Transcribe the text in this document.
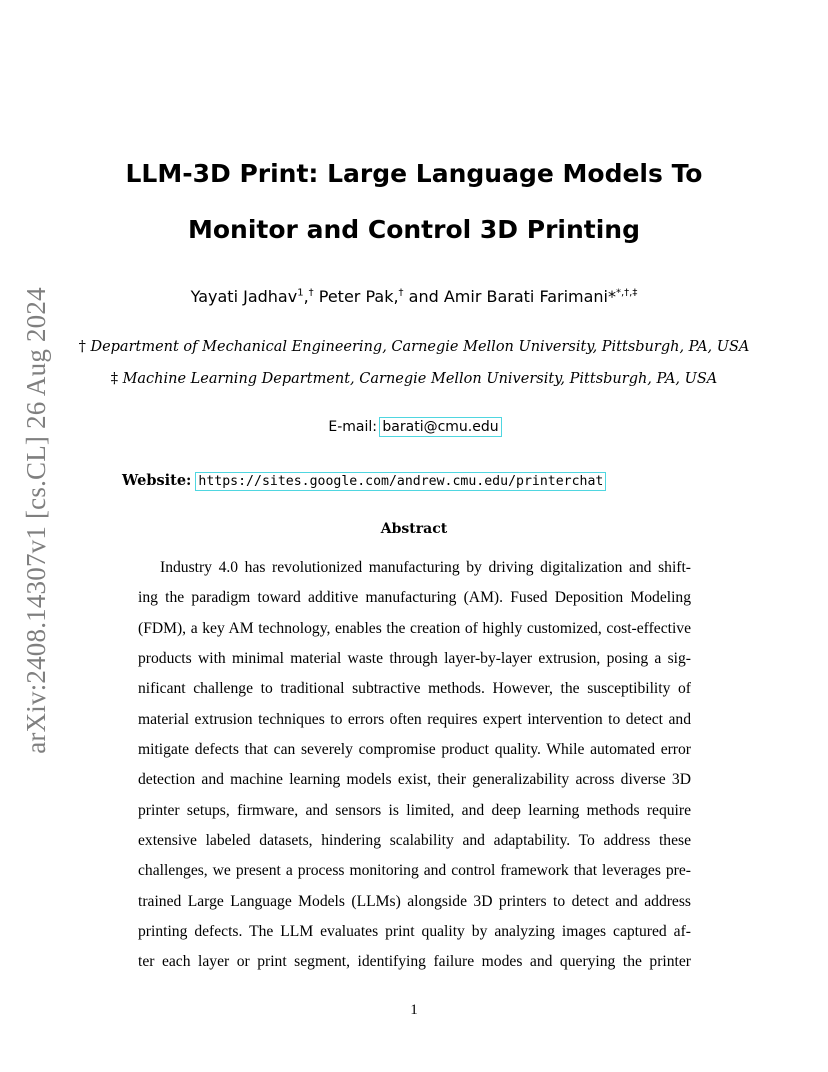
arXiv:2408.14307v1 [cs.CL] 26 Aug 2024
LLM-3D Print: Large Language Models To
Monitor and Control 3D Printing
Yayati Jadhav$^1$,† Peter Pak,† and Amir Barati Farimani**,†,‡
† Department of Mechanical Engineering, Carnegie Mellon University, Pittsburgh, PA, USA
‡ Machine Learning Department, Carnegie Mellon University, Pittsburgh, PA, USA
E-mail: barati@cmu.edu
Website: https://sites.google.com/andrew.cmu.edu/printerchat
Abstract
Industry 4.0 has revolutionized manufacturing by driving digitalization and shift-
ing the paradigm toward additive manufacturing (AM). Fused Deposition Modeling
(FDM), a key AM technology, enables the creation of highly customized, cost-effective
products with minimal material waste through layer-by-layer extrusion, posing a sig-
nificant challenge to traditional subtractive methods. However, the susceptibility of
material extrusion techniques to errors often requires expert intervention to detect and
mitigate defects that can severely compromise product quality. While automated error
detection and machine learning models exist, their generalizability across diverse 3D
printer setups, firmware, and sensors is limited, and deep learning methods require
extensive labeled datasets, hindering scalability and adaptability. To address these
challenges, we present a process monitoring and control framework that leverages pre-
trained Large Language Models (LLMs) alongside 3D printers to detect and address
printing defects. The LLM evaluates print quality by analyzing images captured af-
ter each layer or print segment, identifying failure modes and querying the printer
1
